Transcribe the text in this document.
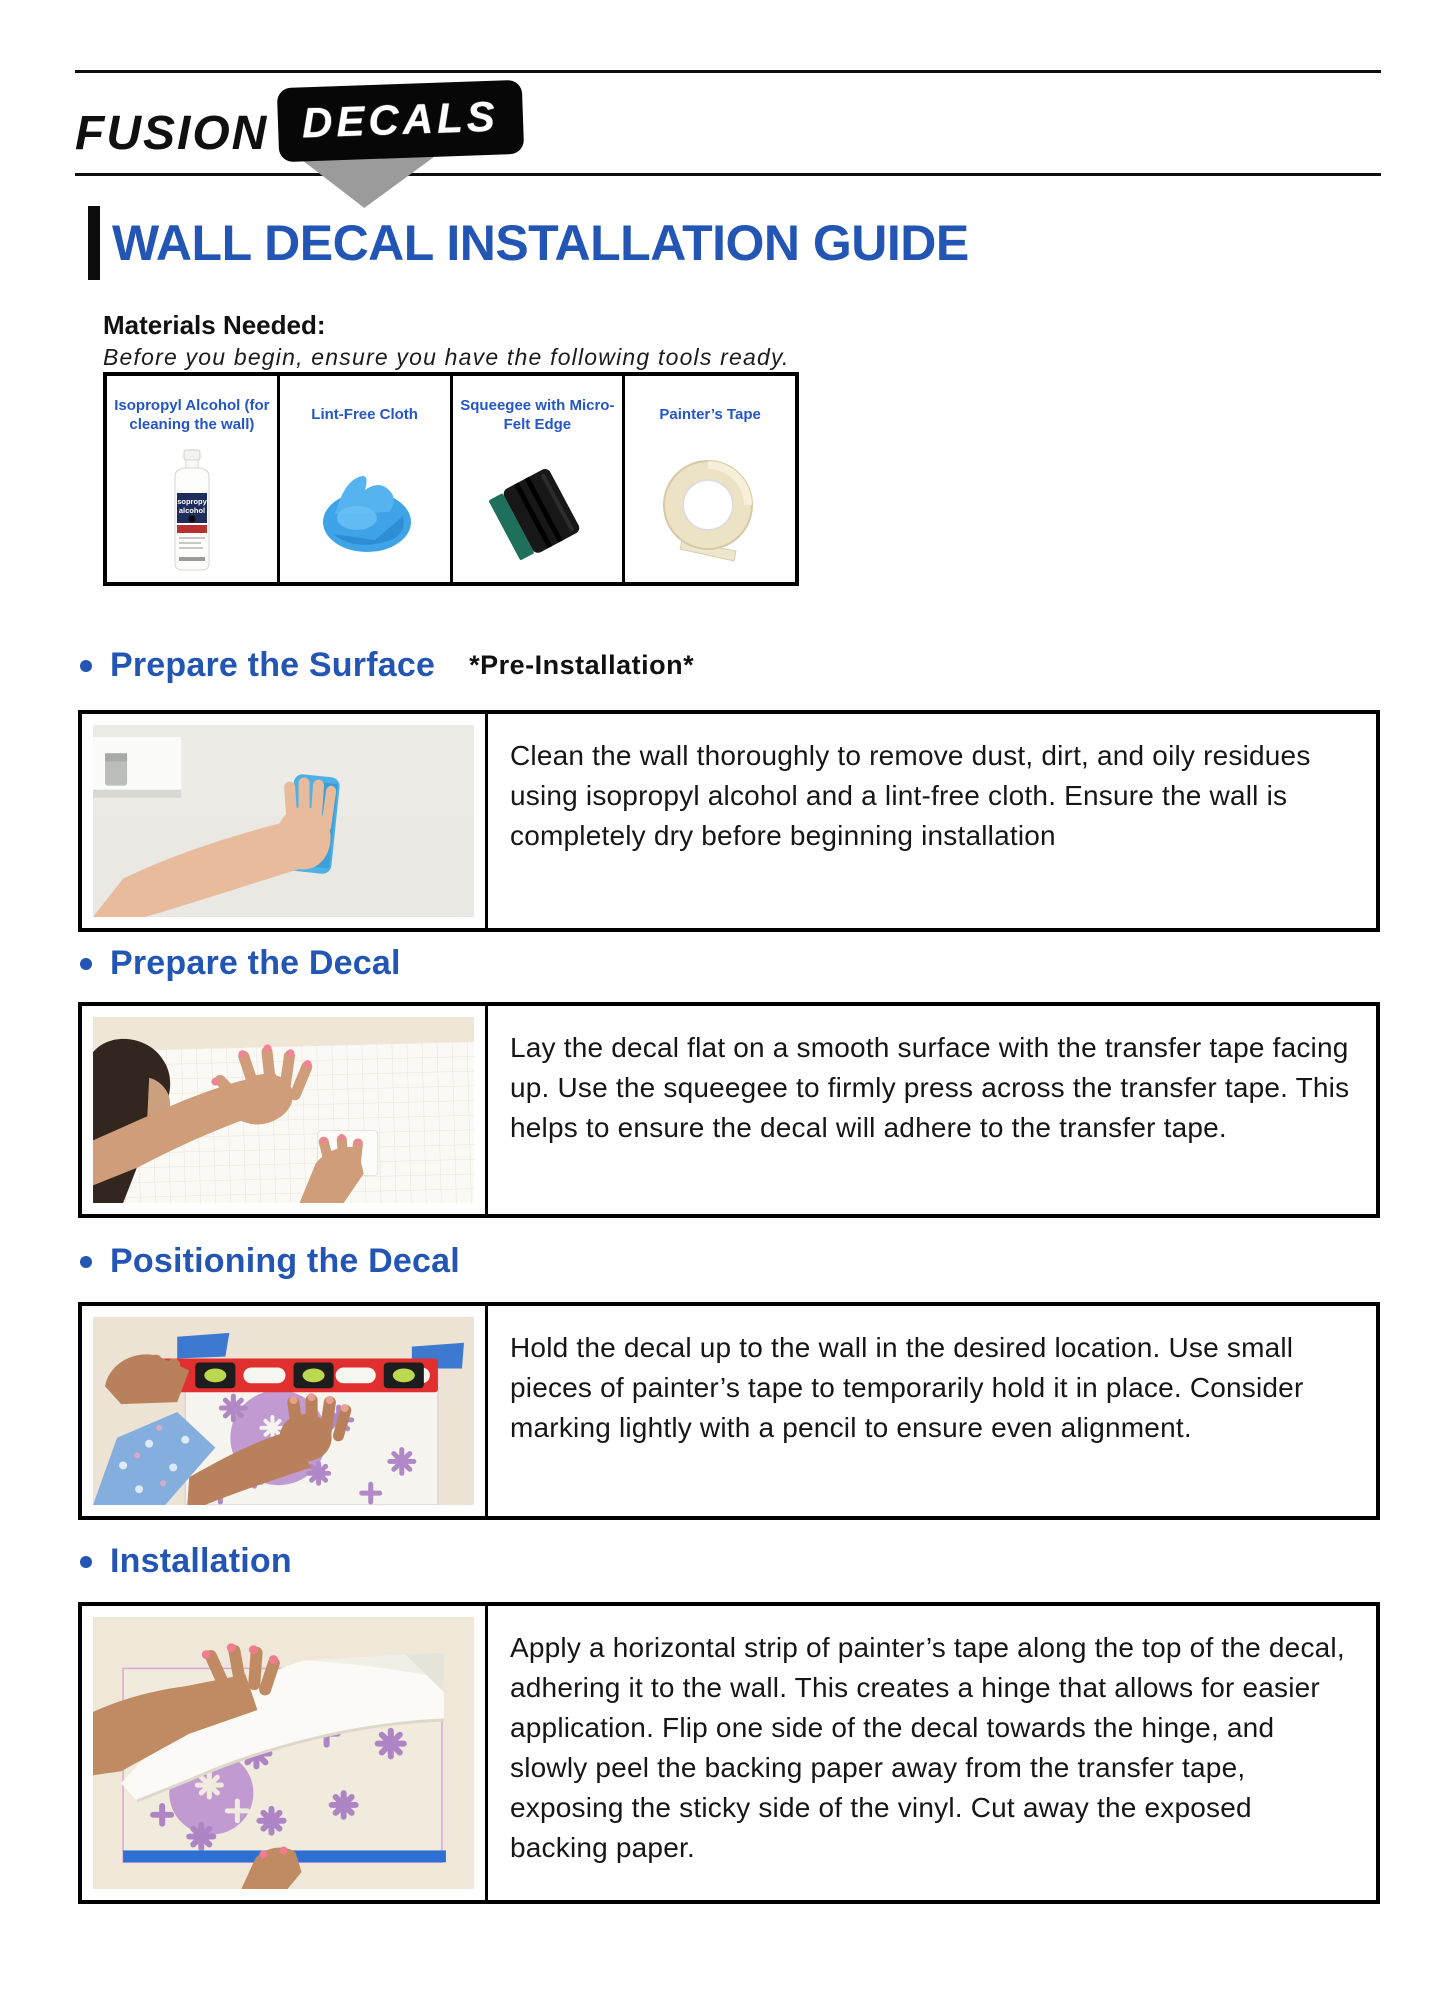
FUSION DECALS
WALL DECAL INSTALLATION GUIDE
Materials Needed:
Before you begin, ensure you have the following tools ready.
Isopropyl Alcohol (for cleaning the wall)
isopropyl
alcohol
Lint-Free Cloth
Squeegee with Micro-Felt Edge
Painter’s Tape
Prepare the Surface *Pre-Installation*
Clean the wall thoroughly to remove dust, dirt, and oily residues using isopropyl alcohol and a lint-free cloth. Ensure the wall is completely dry before beginning installation
Prepare the Decal
Lay the decal flat on a smooth surface with the transfer tape facing up. Use the squeegee to firmly press across the transfer tape. This helps to ensure the decal will adhere to the transfer tape.
Positioning the Decal
Hold the decal up to the wall in the desired location. Use small pieces of painter’s tape to temporarily hold it in place. Consider marking lightly with a pencil to ensure even alignment.
Installation
Apply a horizontal strip of painter’s tape along the top of the decal, adhering it to the wall. This creates a hinge that allows for easier application. Flip one side of the decal towards the hinge, and slowly peel the backing paper away from the transfer tape, exposing the sticky side of the vinyl. Cut away the exposed backing paper.
